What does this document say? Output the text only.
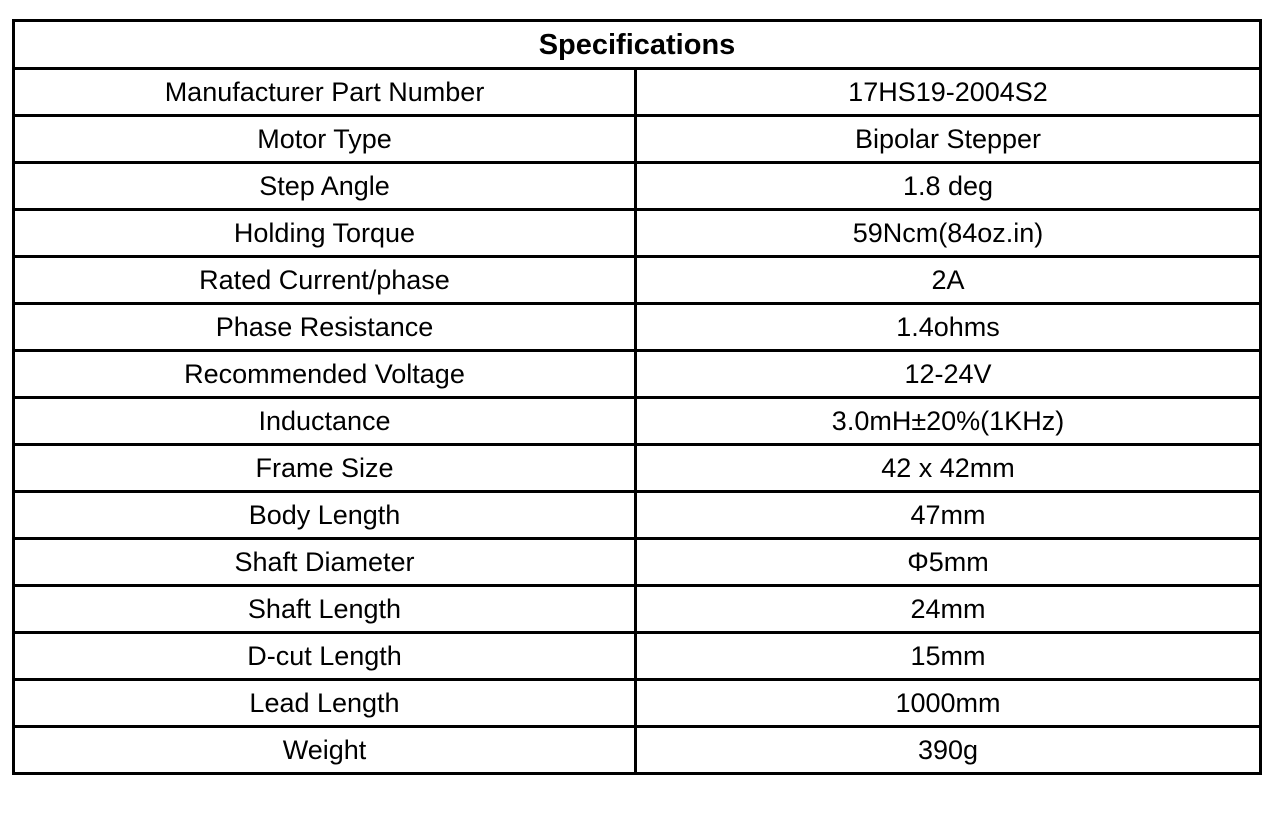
Specifications	
Manufacturer Part Number	17HS19-2004S2
Motor Type	Bipolar Stepper
Step Angle	1.8 deg
Holding Torque	59Ncm(84oz.in)
Rated Current/phase	2A
Phase Resistance	1.4ohms
Recommended Voltage	12-24V
Inductance	3.0mH±20%(1KHz)
Frame Size	42 x 42mm
Body Length	47mm
Shaft Diameter	Φ5mm
Shaft Length	24mm
D-cut Length	15mm
Lead Length	1000mm
Weight	390g
